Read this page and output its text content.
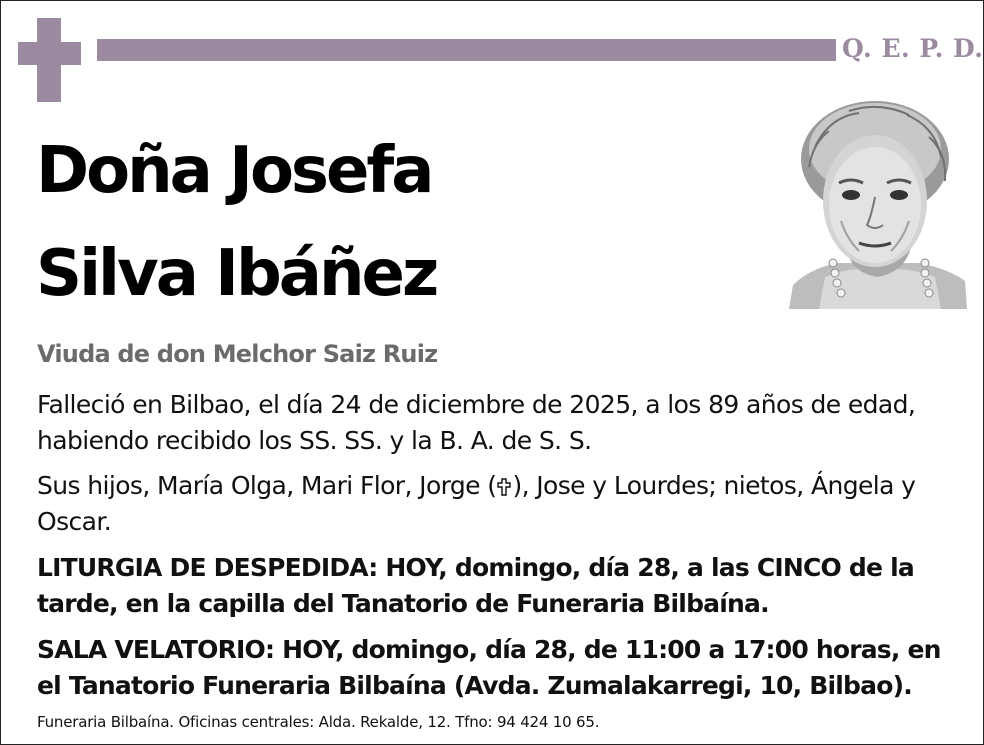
Q. E. P. D.
Doña Josefa
Silva Ibáñez
Viuda de don Melchor Saiz Ruiz
Falleció en Bilbao, el día 24 de diciembre de 2025, a los 89 años de edad, habiendo recibido los SS. SS. y la B. A. de S. S.
Sus hijos, María Olga, Mari Flor, Jorge ( ), Jose y Lourdes; nietos, Ángela y Oscar.
LITURGIA DE DESPEDIDA: HOY, domingo, día 28, a las CINCO de la tarde, en la capilla del Tanatorio de Funeraria Bilbaína.
SALA VELATORIO: HOY, domingo, día 28, de 11:00 a 17:00 horas, en el Tanatorio Funeraria Bilbaína (Avda. Zumalakarregi, 10, Bilbao).
Funeraria Bilbaína. Oficinas centrales: Alda. Rekalde, 12. Tfno: 94 424 10 65.
